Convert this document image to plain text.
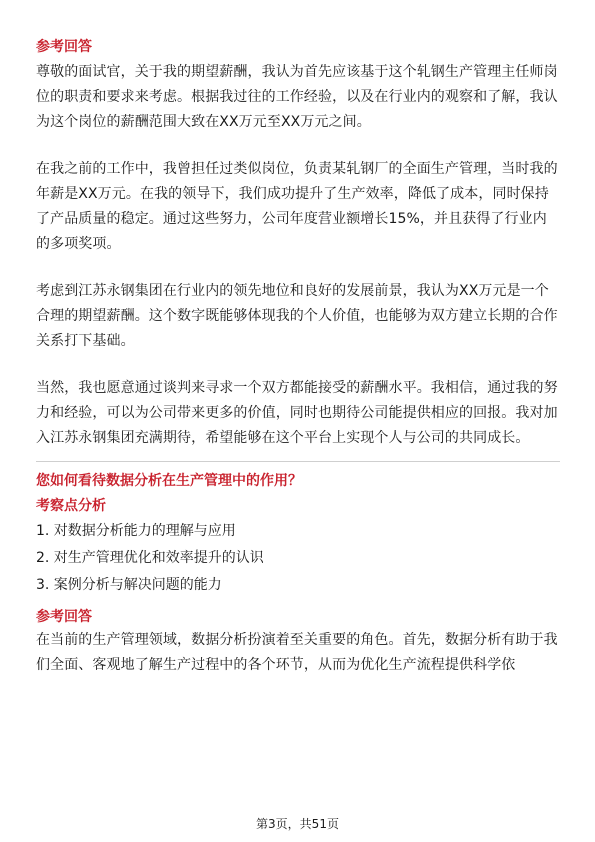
参考回答

尊敬的面试官，关于我的期望薪酬，我认为首先应该基于这个轧钢生产管理主任师岗位的职责和要求来考虑。根据我过往的工作经验，以及在行业内的观察和了解，我认为这个岗位的薪酬范围大致在XX万元至XX万元之间。

在我之前的工作中，我曾担任过类似岗位，负责某轧钢厂的全面生产管理，当时我的年薪是XX万元。在我的领导下，我们成功提升了生产效率，降低了成本，同时保持了产品质量的稳定。通过这些努力，公司年度营业额增长15%，并且获得了行业内的多项奖项。

考虑到江苏永钢集团在行业内的领先地位和良好的发展前景，我认为XX万元是一个合理的期望薪酬。这个数字既能够体现我的个人价值，也能够为双方建立长期的合作关系打下基础。

当然，我也愿意通过谈判来寻求一个双方都能接受的薪酬水平。我相信，通过我的努力和经验，可以为公司带来更多的价值，同时也期待公司能提供相应的回报。我对加入江苏永钢集团充满期待，希望能够在这个平台上实现个人与公司的共同成长。

您如何看待数据分析在生产管理中的作用？

考察点分析

1. 对数据分析能力的理解与应用
2. 对生产管理优化和效率提升的认识
3. 案例分析与解决问题的能力

参考回答

在当前的生产管理领域，数据分析扮演着至关重要的角色。首先，数据分析有助于我们全面、客观地了解生产过程中的各个环节，从而为优化生产流程提供科学依

第3页，共51页
